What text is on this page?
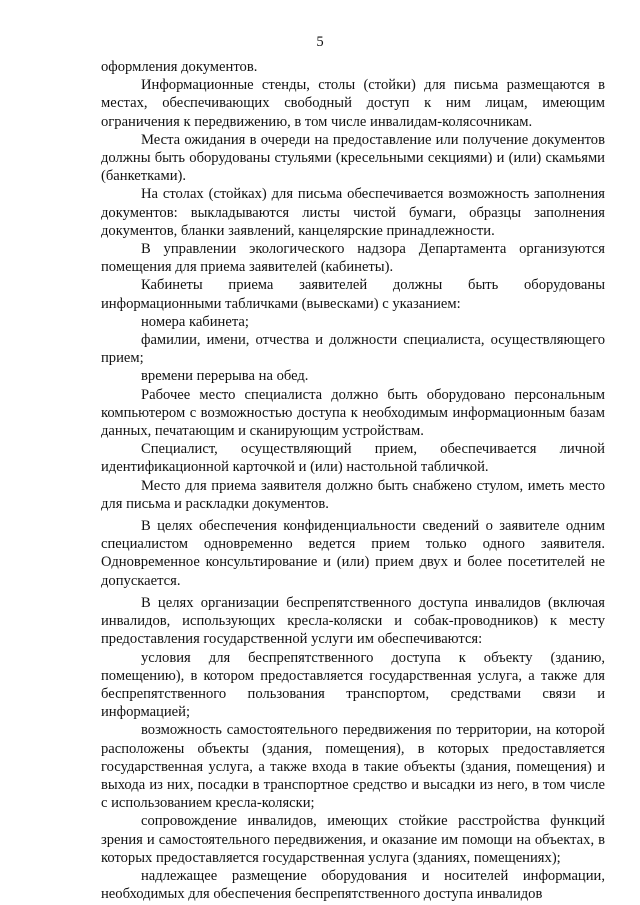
5

оформления документов.

Информационные стенды, столы (стойки) для письма размещаются в местах, обеспечивающих свободный доступ к ним лицам, имеющим ограничения к передвижению, в том числе инвалидам-колясочникам.

Места ожидания в очереди на предоставление или получение документов должны быть оборудованы стульями (кресельными секциями) и (или) скамьями (банкетками).

На столах (стойках) для письма обеспечивается возможность заполнения документов: выкладываются листы чистой бумаги, образцы заполнения документов, бланки заявлений, канцелярские принадлежности.

В управлении экологического надзора Департамента организуются помещения для приема заявителей (кабинеты).

Кабинеты приема заявителей должны быть оборудованы информационными табличками (вывесками) с указанием:

номера кабинета;

фамилии, имени, отчества и должности специалиста, осуществляющего прием;

времени перерыва на обед.

Рабочее место специалиста должно быть оборудовано персональным компьютером с возможностью доступа к необходимым информационным базам данных, печатающим и сканирующим устройствам.

Специалист, осуществляющий прием, обеспечивается личной идентификационной карточкой и (или) настольной табличкой.

Место для приема заявителя должно быть снабжено стулом, иметь место для письма и раскладки документов.

В целях обеспечения конфиденциальности сведений о заявителе одним специалистом одновременно ведется прием только одного заявителя. Одновременное консультирование и (или) прием двух и более посетителей не допускается.

В целях организации беспрепятственного доступа инвалидов (включая инвалидов, использующих кресла-коляски и собак-проводников) к месту предоставления государственной услуги им обеспечиваются:

условия для беспрепятственного доступа к объекту (зданию, помещению), в котором предоставляется государственная услуга, а также для беспрепятственного пользования транспортом, средствами связи и информацией;

возможность самостоятельного передвижения по территории, на которой расположены объекты (здания, помещения), в которых предоставляется государственная услуга, а также входа в такие объекты (здания, помещения) и выхода из них, посадки в транспортное средство и высадки из него, в том числе с использованием кресла-коляски;

сопровождение инвалидов, имеющих стойкие расстройства функций зрения и самостоятельного передвижения, и оказание им помощи на объектах, в которых предоставляется государственная услуга (зданиях, помещениях);

надлежащее размещение оборудования и носителей информации, необходимых для обеспечения беспрепятственного доступа инвалидов
